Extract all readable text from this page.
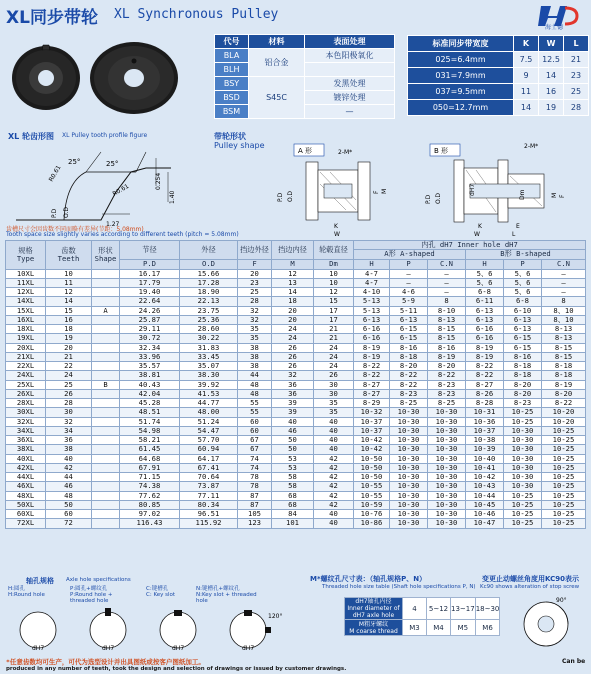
XL同步带轮 XL Synchronous Pulley
海士德
代号	材料	表面处理
BLA	铝合金	本色阳极氧化
BLH		
BSY	S45C	发黑处理
BSD		镀锌处理
BSM		—
标准同步带宽度	K	W	L
025=6.4mm	7.5	12.5	21
031=7.9mm	9	14	23
037=9.5mm	11	16	25
050=12.7mm	14	19	28
XL 轮齿形图 XL Pulley tooth profile figure
25°	25°
R0.61
R0.61
0.254
1.40
1.27
P.D O.D
齿槽尺寸会因齿数不同而略有差异(节距：5.08mm)
Tooth space size slightly varies according to different teeth (pitch = 5.08mm)
带轮形状
Pulley shape
A 形	2-M*
P.D O.D	F M
K
W
B 形
2-M*
P.D O.D
dH7	Dm	M F
K	E
W	L
规格
Type	齿数
Teeth	形状
Shape	节径	外径	挡边外径	挡边内径	轮毂直径	内孔 dH7 Inner hole dH7					
								A形 A-shaped			B形 B-shaped		
			P.D	O.D	F	M	Dm	H	P	C.N	H	P	C.N
10XL	10		16.17	15.66	20	12	10	4-7	—	—	5、6	5、6	—
11XL	11		17.79	17.28	23	13	10	4-7	—	—	5、6	5、6	—
12XL	12		19.40	18.90	25	14	12	4-10	4-6	—	6-8	5、6	—
14XL	14		22.64	22.13	28	18	15	5-13	5-9	8	6-11	6-8	8
15XL	15	A	24.26	23.75	32	20	17	5-13	5-11	8-10	6-13	6-10	8、10
16XL	16		25.87	25.36	32	20	17	6-13	6-13	8-13	6-13	6-13	8、10
18XL	18		29.11	28.60	35	24	21	6-16	6-15	8-15	6-16	6-13	8-13
19XL	19		30.72	30.22	35	24	21	6-16	6-15	8-15	6-16	6-15	8-13
20XL	20		32.34	31.83	38	26	24	8-19	8-16	8-16	8-19	6-15	8-15
21XL	21		33.96	33.45	38	26	24	8-19	8-18	8-19	8-19	8-16	8-15
22XL	22		35.57	35.07	38	26	24	8-22	8-20	8-20	8-22	8-18	8-18
24XL	24		38.81	38.30	44	32	26	8-22	8-22	8-22	8-22	8-18	8-18
25XL	25	B	40.43	39.92	48	36	30	8-27	8-22	8-23	8-27	8-20	8-19
26XL	26		42.04	41.53	48	36	30	8-27	8-23	8-23	8-26	8-20	8-20
28XL	28		45.28	44.77	55	39	35	8-29	8-25	8-25	8-28	8-23	8-22
30XL	30		48.51	48.00	55	39	35	10-32	10-30	10-30	10-31	10-25	10-20
32XL	32		51.74	51.24	60	40	40	10-37	10-30	10-30	10-36	10-25	10-20
34XL	34		54.98	54.47	60	46	40	10-37	10-30	10-30	10-37	10-30	10-25
36XL	36		58.21	57.70	67	50	40	10-42	10-30	10-30	10-38	10-30	10-25
38XL	38		61.45	60.94	67	50	40	10-42	10-30	10-30	10-39	10-30	10-25
40XL	40		64.68	64.17	74	53	42	10-50	10-30	10-30	10-40	10-30	10-25
42XL	42		67.91	67.41	74	53	42	10-50	10-30	10-30	10-41	10-30	10-25
44XL	44		71.15	70.64	78	58	42	10-50	10-30	10-30	10-42	10-30	10-25
46XL	46		74.38	73.87	78	58	42	10-55	10-30	10-30	10-43	10-30	10-25
48XL	48		77.62	77.11	87	68	42	10-55	10-30	10-30	10-44	10-25	10-25
50XL	50		80.85	80.34	87	68	42	10-59	10-30	10-30	10-45	10-25	10-25
60XL	60		97.02	96.51	105	84	40	10-76	10-30	10-30	10-46	10-25	10-25
72XL	72		116.43	115.92	123	101	40	10-86	10-30	10-30	10-47	10-25	10-25
轴孔规格 Axle hole specifications
H:圆孔
H:Round hole
P:圆孔+螺纹孔
P:Round hole + threaded hole
C:键槽孔
C: Key slot
N:键槽孔+螺纹孔
N:Key slot + threaded hole
dH7	dH7	dH7
120°
dH7
M*螺纹孔尺寸表：（轴孔规格P、N）
Threaded hole size table (Shaft hole specifications P, N)
变更止动螺丝角度用KC90表示
Kc90 shows alteration of stop screw
90°
dH7轴孔内径
Inner diameter of dH7 axle hole	4	5~12	13~17	18~30
M粗牙螺纹
M coarse thread	M3	M4	M5	M6
*任意齿数均可生产，可代为选型设计并出具图纸或按客户图纸加工。
produced in any number of teeth, took the design and selection of drawings or issued by customer drawings.
Can be
